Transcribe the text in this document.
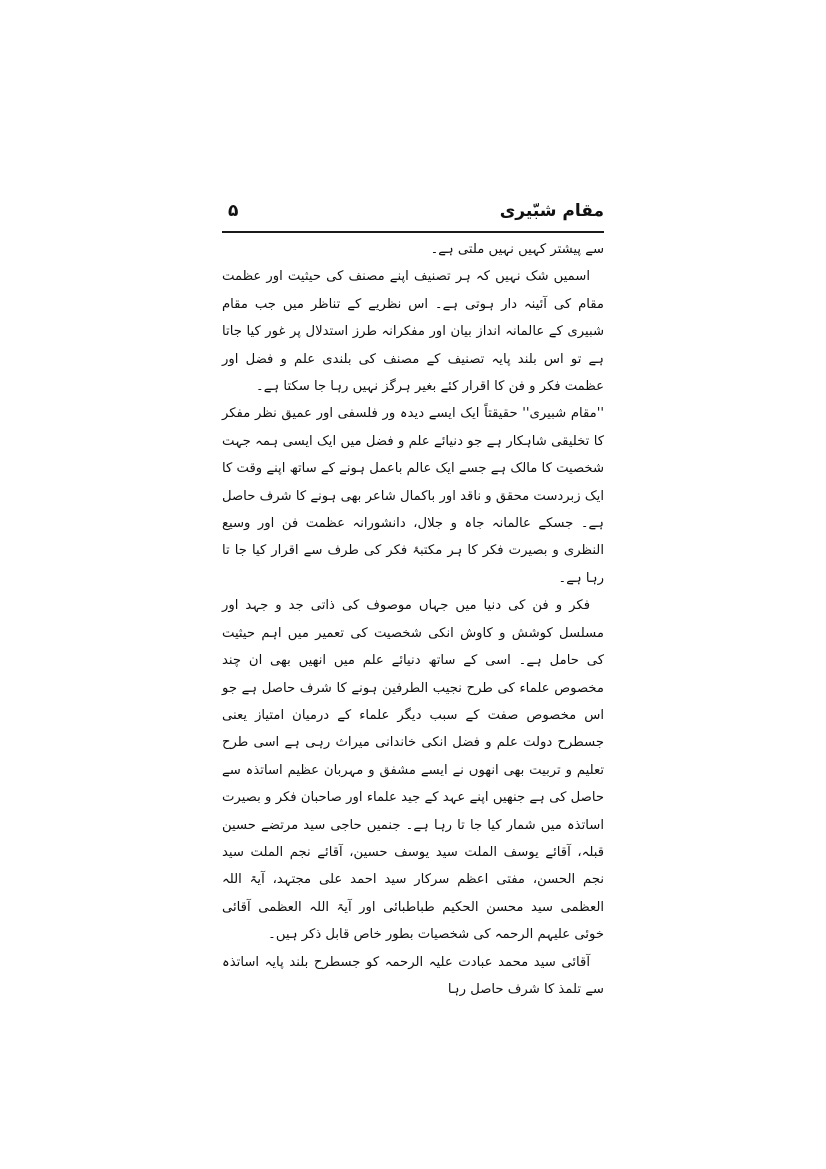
مقام شبّیری
۵

سے پیشتر کہیں نہیں ملتی ہے۔

اسمیں شک نہیں کہ ہر تصنیف اپنے مصنف کی حیثیت اور عظمت مقام کی آئینہ دار ہوتی ہے۔ اس نظریے کے تناظر میں جب مقام شبیری کے عالمانہ انداز بیان اور مفکرانہ طرز استدلال پر غور کیا جاتا ہے تو اس بلند پایہ تصنیف کے مصنف کی بلندی علم و فضل اور عظمت فکر و فن کا اقرار کئے بغیر ہرگز نہیں رہا جا سکتا ہے۔

''مقام شبیری'' حقیقتاً ایک ایسے دیدہ ور فلسفی اور عمیق نظر مفکر کا تخلیقی شاہکار ہے جو دنیائے علم و فضل میں ایک ایسی ہمہ جہت شخصیت کا مالک ہے جسے ایک عالم باعمل ہونے کے ساتھ اپنے وقت کا ایک زبردست محقق و ناقد اور باکمال شاعر بھی ہونے کا شرف حاصل ہے۔ جسکے عالمانہ جاہ و جلال، دانشورانہ عظمت فن اور وسیع النظری و بصیرت فکر کا ہر مکتبۂ فکر کی طرف سے اقرار کیا جا تا رہا ہے۔

فکر و فن کی دنیا میں جہاں موصوف کی ذاتی جد و جہد اور مسلسل کوشش و کاوش انکی شخصیت کی تعمیر میں اہم حیثیت کی حامل ہے۔ اسی کے ساتھ دنیائے علم میں انھیں بھی ان چند مخصوص علماء کی طرح نجیب الطرفین ہونے کا شرف حاصل ہے جو اس مخصوص صفت کے سبب دیگر علماء کے درمیان امتیاز یعنی جسطرح دولت علم و فضل انکی خاندانی میراث رہی ہے اسی طرح تعلیم و تربیت بھی انھوں نے ایسے مشفق و مہربان عظیم اساتذہ سے حاصل کی ہے جنھیں اپنے عہد کے جید علماء اور صاحبان فکر و بصیرت اساتذہ میں شمار کیا جا تا رہا ہے۔ جنمیں حاجی سید مرتضے حسین قبلہ، آقائے یوسف الملت سید یوسف حسین، آقائے نجم الملت سید نجم الحسن، مفتی اعظم سرکار سید احمد علی مجتہد، آیۃ اللہ العظمی سید محسن الحکیم طباطبائی اور آیۃ اللہ العظمی آقائی خوئی علیہم الرحمہ کی شخصیات بطور خاص قابل ذکر ہیں۔

آقائی سید محمد عبادت علیہ الرحمہ کو جسطرح بلند پایہ اساتذہ سے تلمذ کا شرف حاصل رہا
